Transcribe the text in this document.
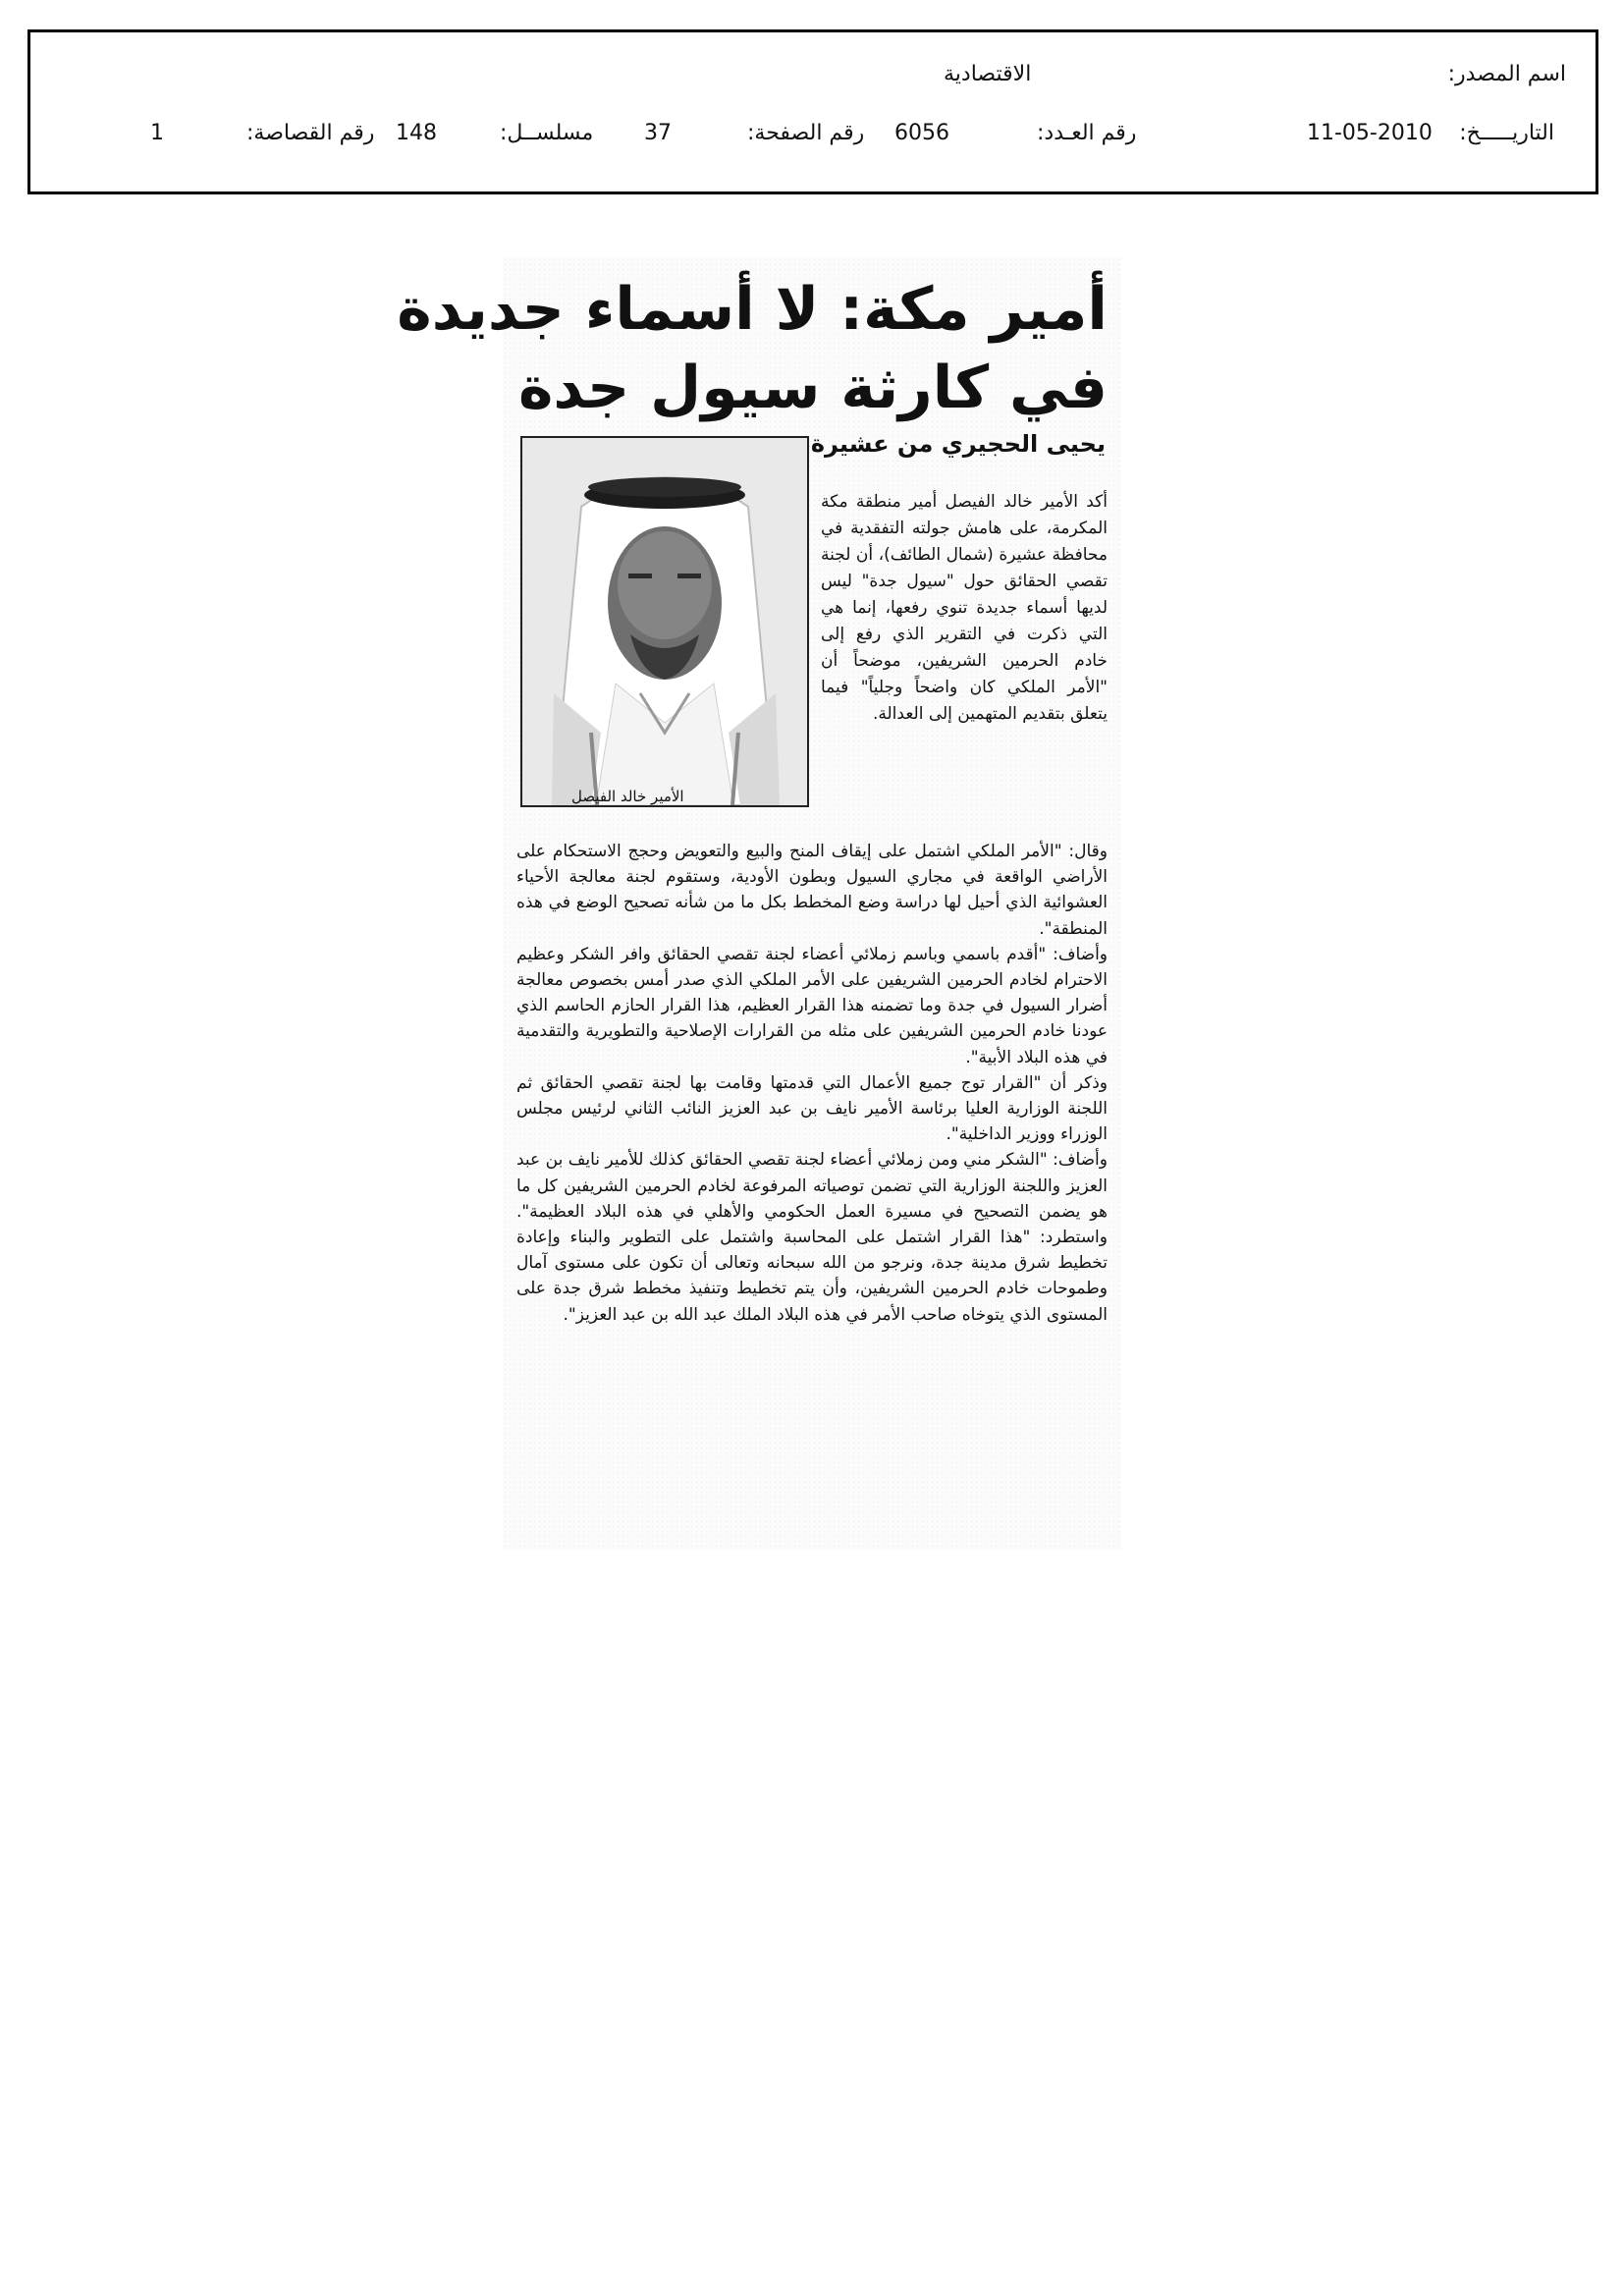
اسم المصدر:
الاقتصادية
التاريـــــخ:
11-05-2010
رقم العـدد:
6056
رقم الصفحة:
37
مسلســل:
148
رقم القصاصة:
1
أمير مكة: لا أسماء جديدة
في كارثة سيول جدة
يحيى الحجيري من عشيرة
الأمير خالد الفيصل

أكد الأمير خالد الفيصل أمير منطقة مكة المكرمة، على هامش جولته التفقدية في محافظة عشيرة (شمال الطائف)، أن لجنة تقصي الحقائق حول "سيول جدة" ليس لديها أسماء جديدة تنوي رفعها، إنما هي التي ذكرت في التقرير الذي رفع إلى خادم الحرمين الشريفين، موضحاً أن "الأمر الملكي كان واضحاً وجلياً" فيما يتعلق بتقديم المتهمين إلى العدالة.

وقال: "الأمر الملكي اشتمل على إيقاف المنح والبيع والتعويض وحجج الاستحكام على الأراضي الواقعة في مجاري السيول وبطون الأودية، وستقوم لجنة معالجة الأحياء العشوائية الذي أحيل لها دراسة وضع المخطط بكل ما من شأنه تصحيح الوضع في هذه المنطقة".

وأضاف: "أقدم باسمي وباسم زملائي أعضاء لجنة تقصي الحقائق وافر الشكر وعظيم الاحترام لخادم الحرمين الشريفين على الأمر الملكي الذي صدر أمس بخصوص معالجة أضرار السيول في جدة وما تضمنه هذا القرار العظيم، هذا القرار الحازم الحاسم الذي عودنا خادم الحرمين الشريفين على مثله من القرارات الإصلاحية والتطويرية والتقدمية في هذه البلاد الأبية".

وذكر أن "القرار توج جميع الأعمال التي قدمتها وقامت بها لجنة تقصي الحقائق ثم اللجنة الوزارية العليا برئاسة الأمير نايف بن عبد العزيز النائب الثاني لرئيس مجلس الوزراء ووزير الداخلية".

وأضاف: "الشكر مني ومن زملائي أعضاء لجنة تقصي الحقائق كذلك للأمير نايف بن عبد العزيز واللجنة الوزارية التي تضمن توصياته المرفوعة لخادم الحرمين الشريفين كل ما هو يضمن التصحيح في مسيرة العمل الحكومي والأهلي في هذه البلاد العظيمة". واستطرد: "هذا القرار اشتمل على المحاسبة واشتمل على التطوير والبناء وإعادة تخطيط شرق مدينة جدة، ونرجو من الله سبحانه وتعالى أن تكون على مستوى آمال وطموحات خادم الحرمين الشريفين، وأن يتم تخطيط وتنفيذ مخطط شرق جدة على المستوى الذي يتوخاه صاحب الأمر في هذه البلاد الملك عبد الله بن عبد العزيز".
